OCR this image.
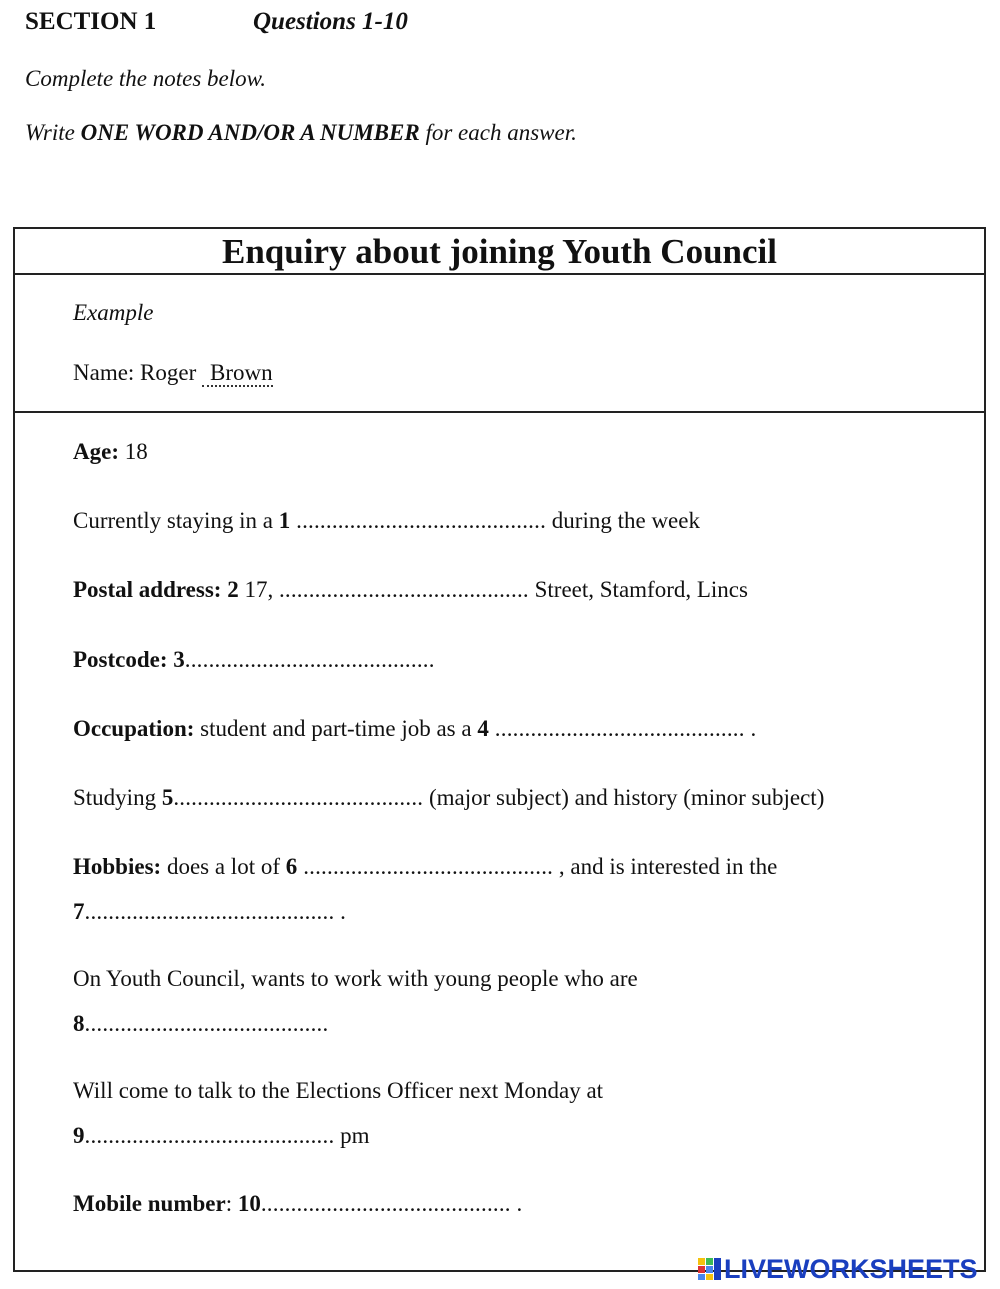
SECTION 1	Questions 1-10
Complete the notes below.
Write ONE WORD AND/OR A NUMBER for each answer.
Enquiry about joining Youth Council
Example
Name: Roger Brown
Age: 18
Currently staying in a 1 .......................................... during the week
Postal address: 2 17, .......................................... Street, Stamford, Lincs
Postcode: 3..........................................
Occupation: student and part-time job as a 4 .......................................... .
Studying 5.......................................... (major subject) and history (minor subject)
Hobbies: does a lot of 6 .......................................... , and is interested in the
7.......................................... .
On Youth Council, wants to work with young people who are
8.........................................
Will come to talk to the Elections Officer next Monday at
9.......................................... pm
Mobile number: 10.......................................... .
LIVEWORKSHEETS
